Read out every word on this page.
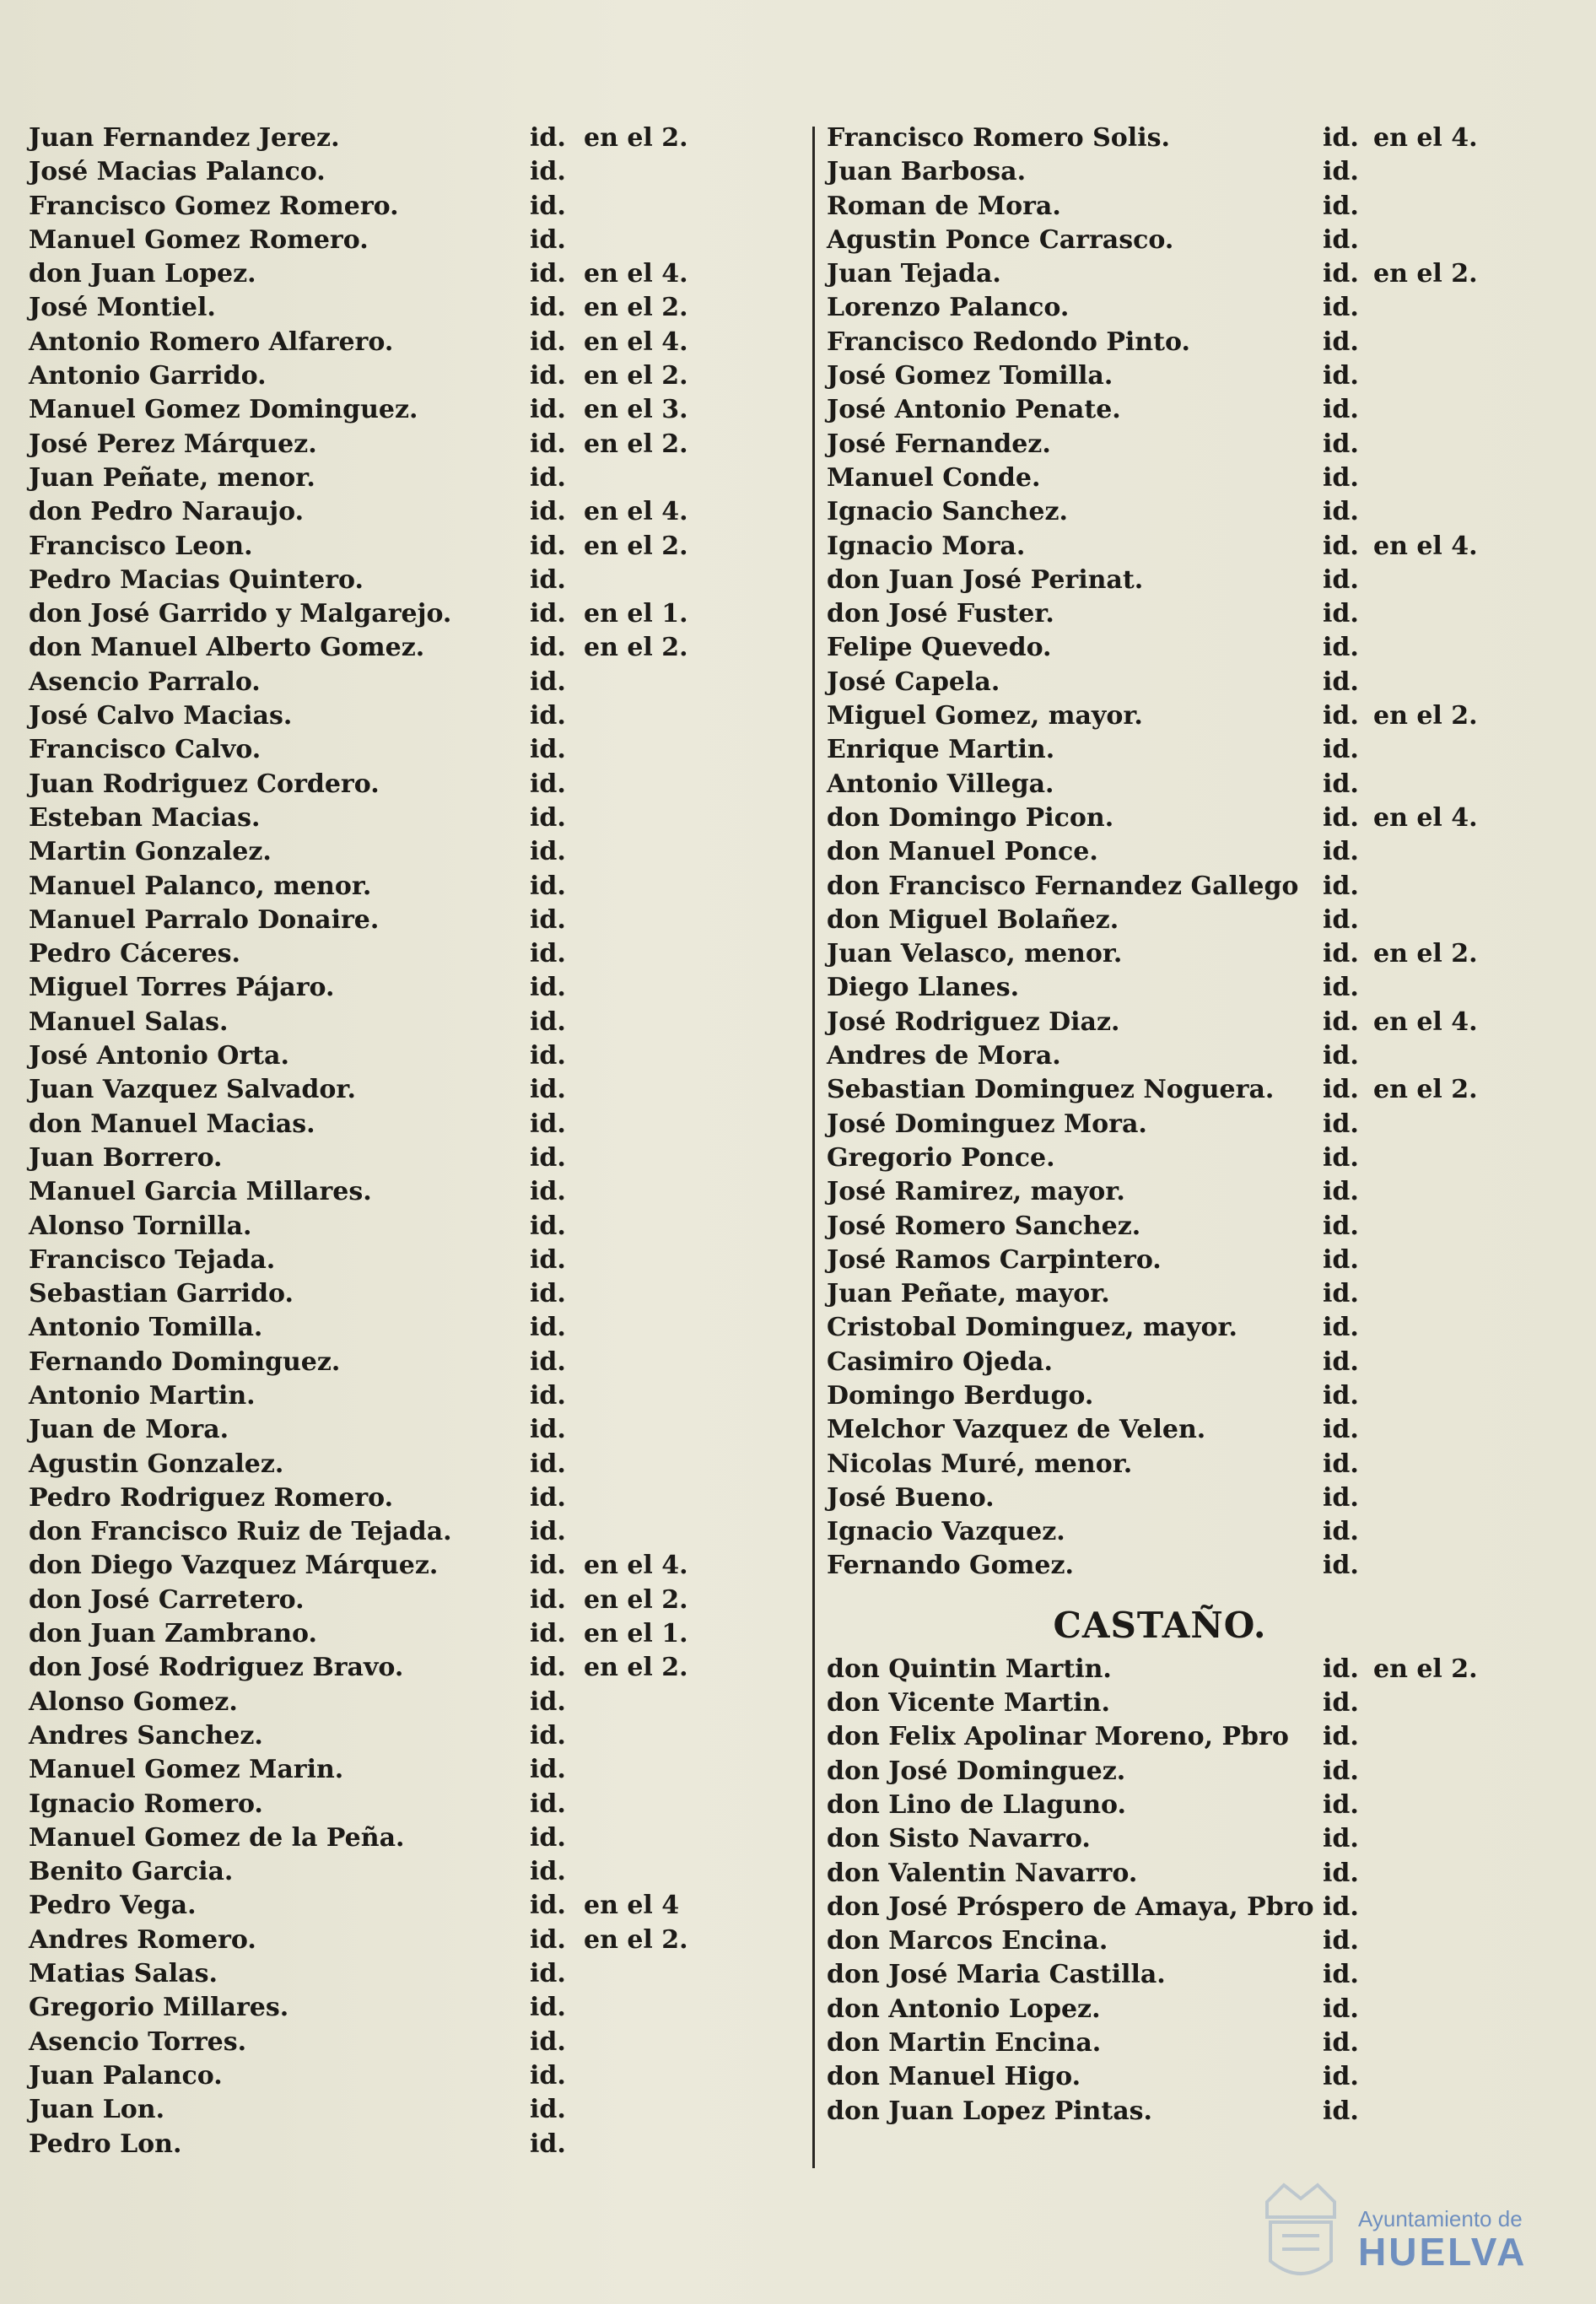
Juan Fernandez Jerez.	id. en el 2.
José Macias Palanco.	id.
Francisco Gomez Romero.	id.
Manuel Gomez Romero.	id.
don Juan Lopez.	id. en el 4.
José Montiel.	id. en el 2.
Antonio Romero Alfarero.	id. en el 4.
Antonio Garrido.	id. en el 2.
Manuel Gomez Dominguez.	id. en el 3.
José Perez Márquez.	id. en el 2.
Juan Peñate, menor.	id.
don Pedro Naraujo.	id. en el 4.
Francisco Leon.	id. en el 2.
Pedro Macias Quintero.	id.
don José Garrido y Malgarejo.	id. en el 1.
don Manuel Alberto Gomez.	id. en el 2.
Asencio Parralo.	id.
José Calvo Macias.	id.
Francisco Calvo.	id.
Juan Rodriguez Cordero.	id.
Esteban Macias.	id.
Martin Gonzalez.	id.
Manuel Palanco, menor.	id.
Manuel Parralo Donaire.	id.
Pedro Cáceres.	id.
Miguel Torres Pájaro.	id.
Manuel Salas.	id.
José Antonio Orta.	id.
Juan Vazquez Salvador.	id.
don Manuel Macias.	id.
Juan Borrero.	id.
Manuel Garcia Millares.	id.
Alonso Tornilla.	id.
Francisco Tejada.	id.
Sebastian Garrido.	id.
Antonio Tomilla.	id.
Fernando Dominguez.	id.
Antonio Martin.	id.
Juan de Mora.	id.
Agustin Gonzalez.	id.
Pedro Rodriguez Romero.	id.
don Francisco Ruiz de Tejada.	id.
don Diego Vazquez Márquez.	id. en el 4.
don José Carretero.	id. en el 2.
don Juan Zambrano.	id. en el 1.
don José Rodriguez Bravo.	id. en el 2.
Alonso Gomez.	id.
Andres Sanchez.	id.
Manuel Gomez Marin.	id.
Ignacio Romero.	id.
Manuel Gomez de la Peña.	id.
Benito Garcia.	id.
Pedro Vega.	id. en el 4
Andres Romero.	id. en el 2.
Matias Salas.	id.
Gregorio Millares.	id.
Asencio Torres.	id.
Juan Palanco.	id.
Juan Lon.	id.
Pedro Lon.	id.
Francisco Romero Solis.	id. en el 4.
Juan Barbosa.	id.
Roman de Mora.	id.
Agustin Ponce Carrasco.	id.
Juan Tejada.	id. en el 2.
Lorenzo Palanco.	id.
Francisco Redondo Pinto.	id.
José Gomez Tomilla.	id.
José Antonio Penate.	id.
José Fernandez.	id.
Manuel Conde.	id.
Ignacio Sanchez.	id.
Ignacio Mora.	id. en el 4.
don Juan José Perinat.	id.
don José Fuster.	id.
Felipe Quevedo.	id.
José Capela.	id.
Miguel Gomez, mayor.	id. en el 2.
Enrique Martin.	id.
Antonio Villega.	id.
don Domingo Picon.	id. en el 4.
don Manuel Ponce.	id.
don Francisco Fernandez Gallego id.
don Miguel Bolañez.	id.
Juan Velasco, menor.	id. en el 2.
Diego Llanes.	id.
José Rodriguez Diaz.	id. en el 4.
Andres de Mora.	id.
Sebastian Dominguez Noguera. id. en el 2.
José Dominguez Mora.	id.
Gregorio Ponce.	id.
José Ramirez, mayor.	id.
José Romero Sanchez.	id.
José Ramos Carpintero.	id.
Juan Peñate, mayor.	id.
Cristobal Dominguez, mayor.	id.
Casimiro Ojeda.	id.
Domingo Berdugo.	id.
Melchor Vazquez de Velen.	id.
Nicolas Muré, menor.	id.
José Bueno.	id.
Ignacio Vazquez.	id.
Fernando Gomez.	id.
CASTAÑO.
don Quintin Martin.	id. en el 2.
don Vicente Martin.	id.
don Felix Apolinar Moreno, Pbro id.
don José Dominguez.	id.
don Lino de Llaguno.	id.
don Sisto Navarro.	id.
don Valentin Navarro.	id.
don José Próspero de Amaya, Pbro id.
don Marcos Encina.	id.
don José Maria Castilla.	id.
don Antonio Lopez.	id.
don Martin Encina.	id.
don Manuel Higo.	id.
don Juan Lopez Pintas.	id.
Ayuntamiento de
HUELVA
